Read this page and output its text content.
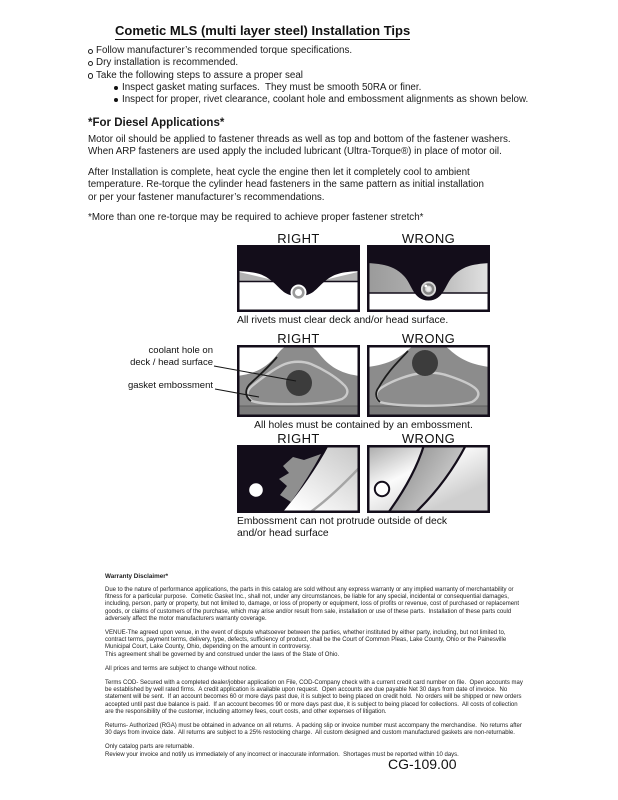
Cometic MLS (multi layer steel) Installation Tips
Follow manufacturer’s recommended torque specifications.
Dry installation is recommended.
Take the following steps to assure a proper seal
Inspect gasket mating surfaces.  They must be smooth 50RA or finer.
Inspect for proper, rivet clearance, coolant hole and embossment alignments as shown below.
*For Diesel Applications*
Motor oil should be applied to fastener threads as well as top and bottom of the fastener washers.
When ARP fasteners are used apply the included lubricant (Ultra-Torque®) in place of motor oil.
After Installation is complete, heat cycle the engine then let it completely cool to ambient
temperature. Re-torque the cylinder head fasteners in the same pattern as initial installation
or per your fastener manufacturer’s recommendations.
*More than one re-torque may be required to achieve proper fastener stretch*
RIGHT	WRONG
All rivets must clear deck and/or head surface.
RIGHT	WRONG
All holes must be contained by an embossment.
coolant hole on
deck / head surface
gasket embossment
RIGHT	WRONG
Embossment can not protrude outside of deck
and/or head surface
Warranty Disclaimer*
Due to the nature of performance applications, the parts in this catalog are sold without any express warranty or any implied warranty of merchantability or
fitness for a particular purpose.  Cometic Gasket Inc., shall not, under any circumstances, be liable for any special, incidental or consequential damages,
including, person, party or property, but not limited to, damage, or loss of property or equipment, loss of profits or revenue, cost of purchased or replacement
goods, or claims of customers of the purchase, which may arise and/or result from sale, installation or use of these parts.  Installation of these parts could
adversely affect the motor manufacturers warranty coverage.
VENUE-The agreed upon venue, in the event of dispute whatsoever between the parties, whether instituted by either party, including, but not limited to,
contract terms, payment terms, delivery, type, defects, sufficiency of product, shall be the Court of Common Pleas, Lake County, Ohio or the Painesville
Municipal Court, Lake County, Ohio, depending on the amount in controversy.
This agreement shall be governed by and construed under the laws of the State of Ohio.
All prices and terms are subject to change without notice.
Terms COD- Secured with a completed dealer/jobber application on File, COD-Company check with a current credit card number on file.  Open accounts may
be established by well rated firms.  A credit application is available upon request.  Open accounts are due payable Net 30 days from date of invoice.  No
statement will be sent.  If an account becomes 60 or more days past due, it is subject to being placed on credit hold.  No orders will be shipped or new orders
accepted until past due balance is paid.  If an account becomes 90 or more days past due, it is subject to being placed for collections.  All costs of collection
are the responsibility of the customer, including attorney fees, court costs, and other expenses of litigation.
Returns- Authorized (RGA) must be obtained in advance on all returns.  A packing slip or invoice number must accompany the merchandise.  No returns after
30 days from invoice date.  All returns are subject to a 25% restocking charge.  All custom designed and custom manufactured gaskets are non-returnable.
Only catalog parts are returnable.
Review your invoice and notify us immediately of any incorrect or inaccurate information.  Shortages must be reported within 10 days.
CG-109.00
